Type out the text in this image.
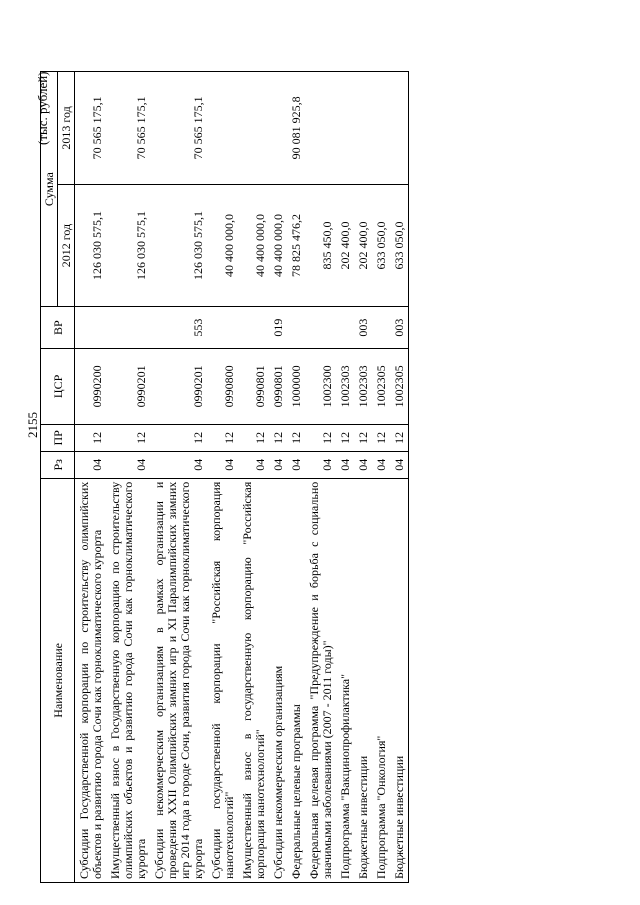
2155
(тыс. рублей)
Наименование	Рз	ПР	ЦСР	ВР	Сумма	
					2012 год	2013 год
Субсидии Государственной корпорации по строительству олимпийских объектов и развитию города Сочи как горноклиматического курорта	04	12	0990200		126 030 575,1	70 565 175,1
Имущественный взнос в Государственную корпорацию по строительству олимпийских объектов и развитию города Сочи как горноклиматического курорта	04	12	0990201		126 030 575,1	70 565 175,1
Субсидии некоммерческим организациям в рамках организации и проведения XXII Олимпийских зимних игр и XI Паралимпийских зимних игр 2014 года в городе Сочи, развития города Сочи как горноклиматического курорта	04	12	0990201	553	126 030 575,1	70 565 175,1
Субсидии государственной корпорации "Российская корпорация нанотехнологий"	04	12	0990800		40 400 000,0	
Имущественный взнос в государственную корпорацию "Российская корпорация нанотехнологий"	04	12	0990801		40 400 000,0	
Субсидии некоммерческим организациям	04	12	0990801	019	40 400 000,0	
Федеральные целевые программы	04	12	1000000		78 825 476,2	90 081 925,8
Федеральная целевая программа "Предупреждение и борьба с социально значимыми заболеваниями (2007 - 2011 годы)"	04	12	1002300		835 450,0	
Подпрограмма "Вакцинопрофилактика"	04	12	1002303		202 400,0	
Бюджетные инвестиции	04	12	1002303	003	202 400,0	
Подпрограмма "Онкология"	04	12	1002305		633 050,0	
Бюджетные инвестиции	04	12	1002305	003	633 050,0	
